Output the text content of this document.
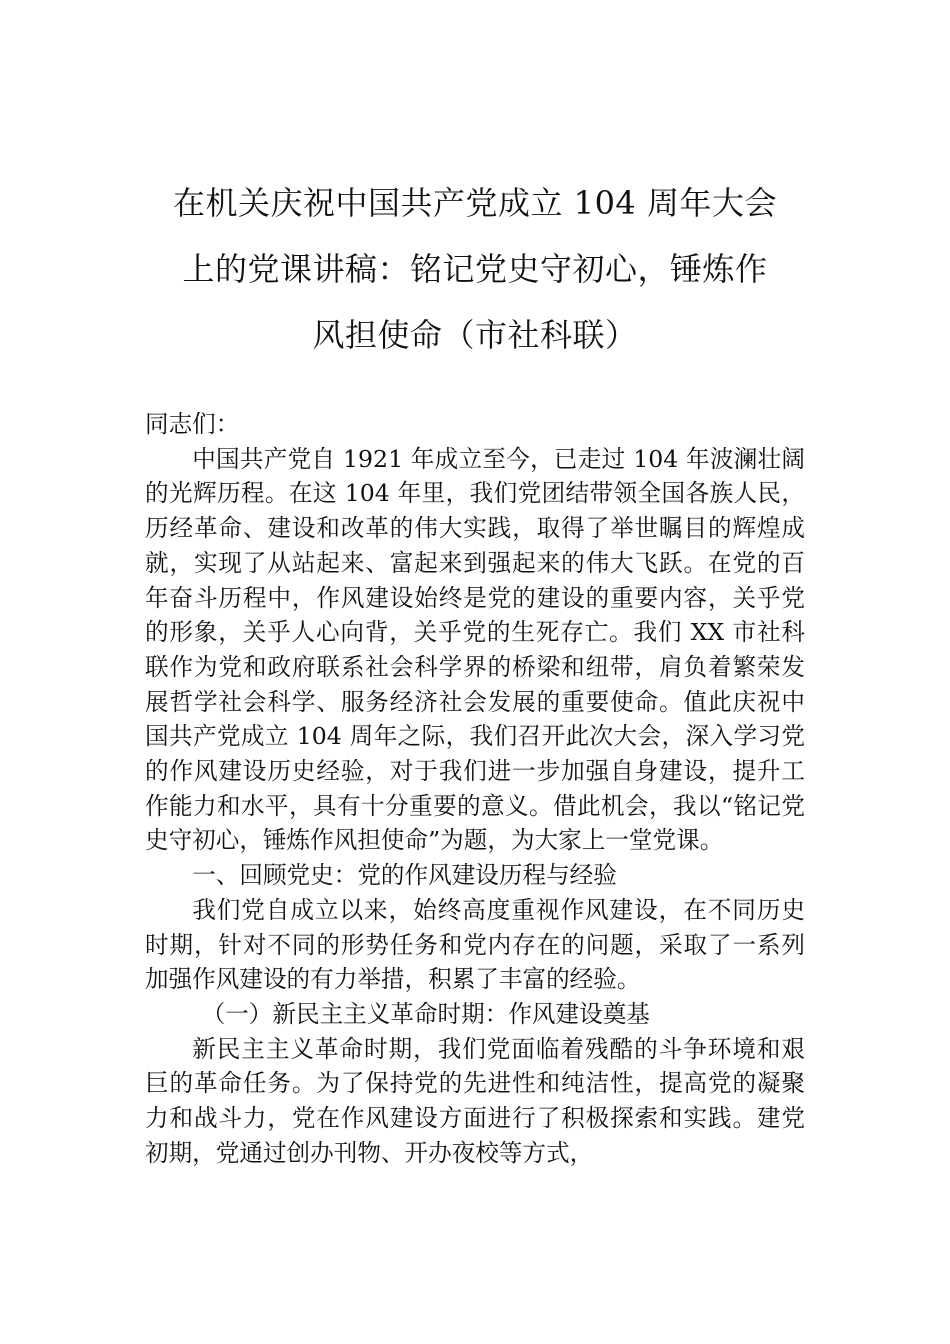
在机关庆祝中国共产党成立 104 周年大会
上的党课讲稿：铭记党史守初心，锤炼作
风担使命（市社科联）

同志们：

中国共产党自 1921 年成立至今，已走过 104 年波澜壮阔的光辉历程。在这 104 年里，我们党团结带领全国各族人民，历经革命、建设和改革的伟大实践，取得了举世瞩目的辉煌成就，实现了从站起来、富起来到强起来的伟大飞跃。在党的百年奋斗历程中，作风建设始终是党的建设的重要内容，关乎党的形象，关乎人心向背，关乎党的生死存亡。我们 XX 市社科联作为党和政府联系社会科学界的桥梁和纽带，肩负着繁荣发展哲学社会科学、服务经济社会发展的重要使命。值此庆祝中国共产党成立 104 周年之际，我们召开此次大会，深入学习党的作风建设历史经验，对于我们进一步加强自身建设，提升工作能力和水平，具有十分重要的意义。借此机会，我以“铭记党史守初心，锤炼作风担使命”为题，为大家上一堂党课。

一、回顾党史：党的作风建设历程与经验

我们党自成立以来，始终高度重视作风建设，在不同历史时期，针对不同的形势任务和党内存在的问题，采取了一系列加强作风建设的有力举措，积累了丰富的经验。

（一）新民主主义革命时期：作风建设奠基

新民主主义革命时期，我们党面临着残酷的斗争环境和艰巨的革命任务。为了保持党的先进性和纯洁性，提高党的凝聚力和战斗力，党在作风建设方面进行了积极探索和实践。建党初期，党通过创办刊物、开办夜校等方式，
